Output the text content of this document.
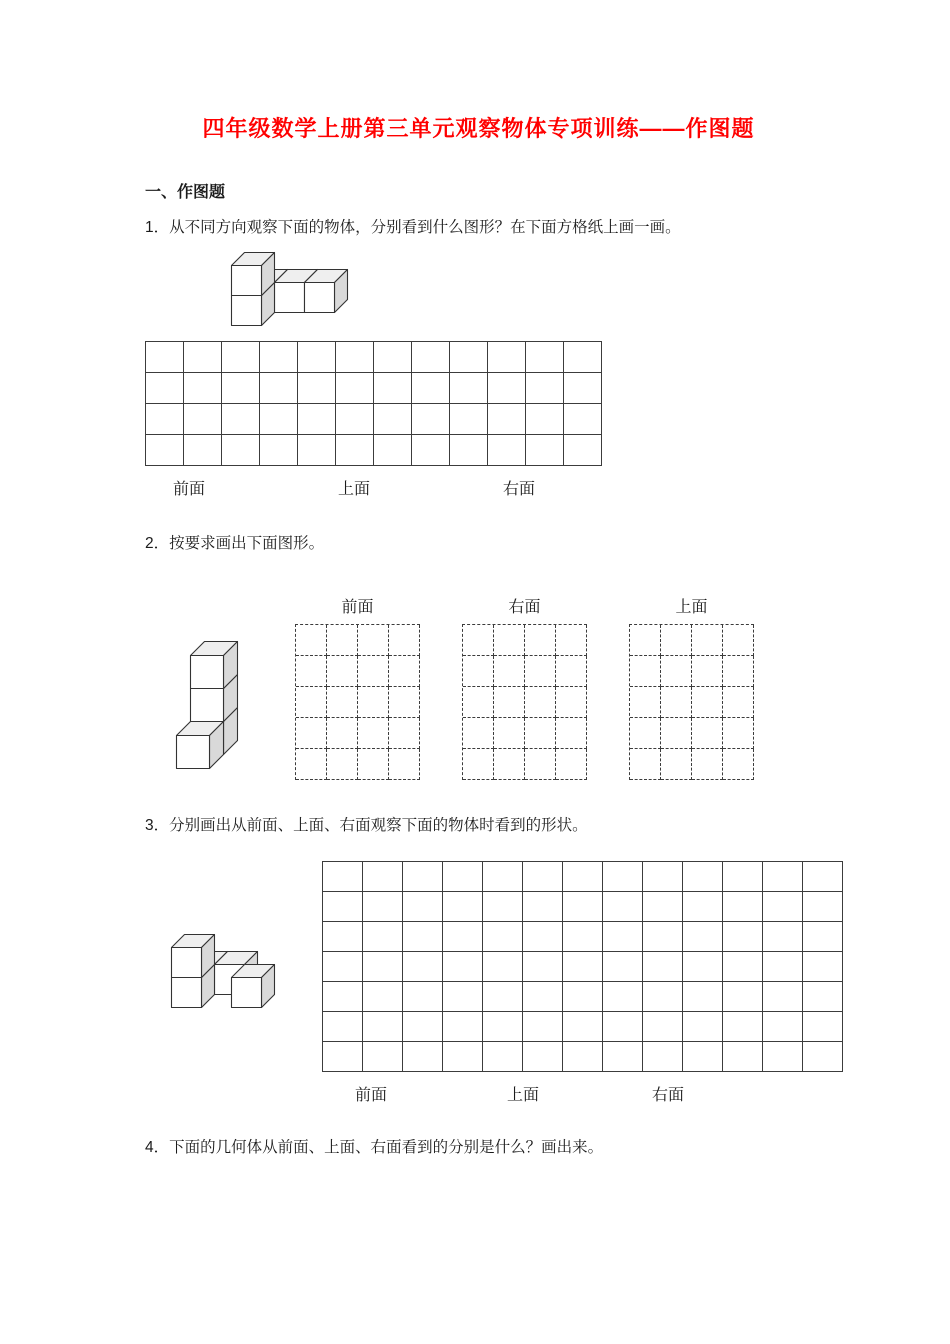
四年级数学上册第三单元观察物体专项训练——作图题
一、作图题

1．从不同方向观察下面的物体，分别看到什么图形？在下面方格纸上画一画。

前面	上面	右面

2．按要求画出下面图形。

前面	右面	上面

3．分别画出从前面、上面、右面观察下面的物体时看到的形状。

前面	上面	右面

4．下面的几何体从前面、上面、右面看到的分别是什么？画出来。
